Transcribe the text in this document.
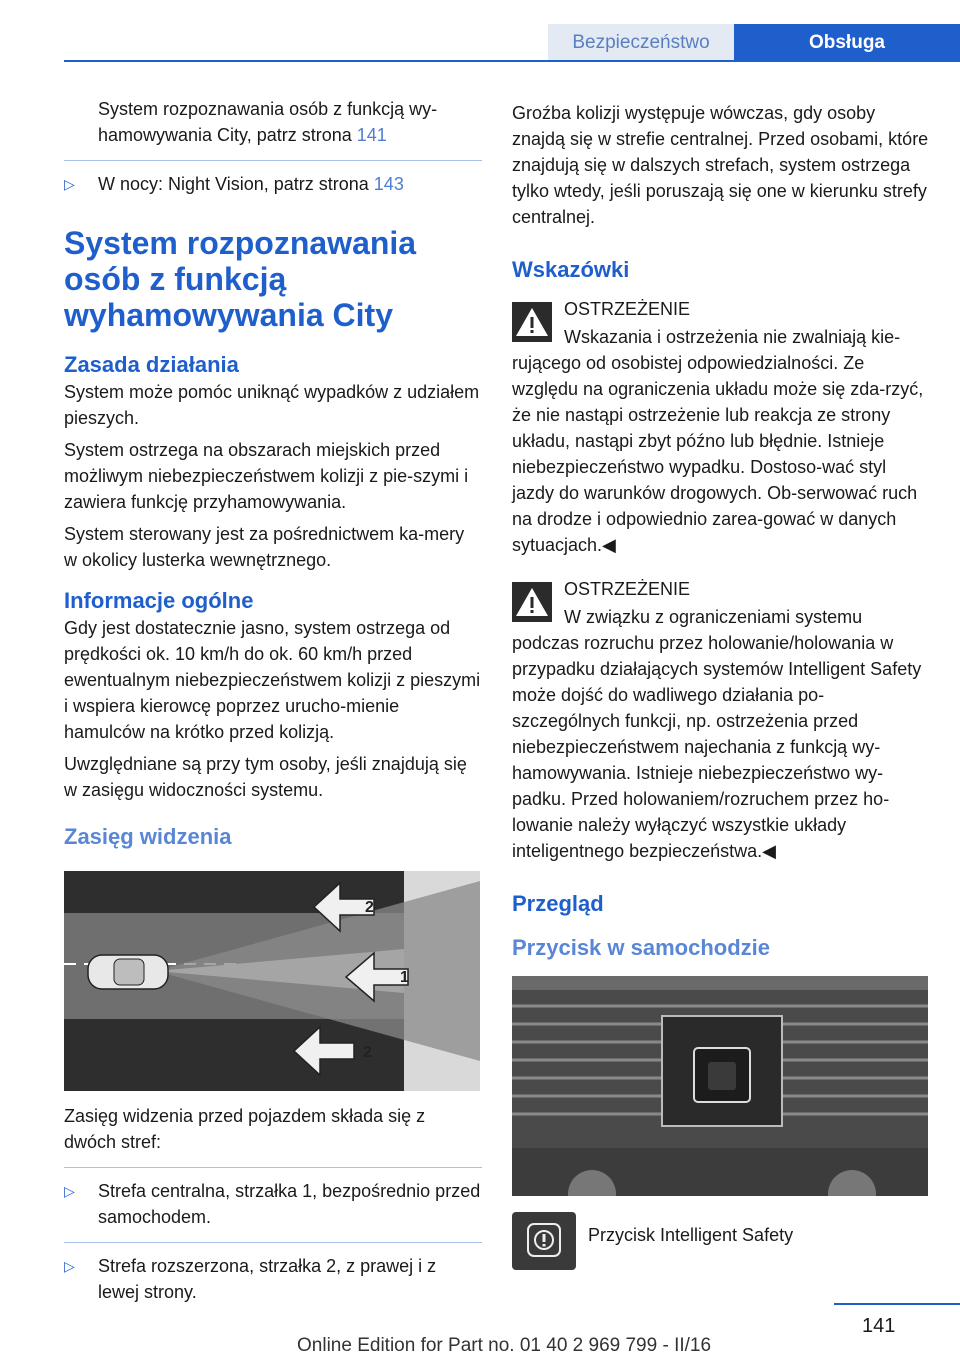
Bezpieczeństwo	Obsługa

System rozpoznawania osób z funkcją wy-hamowywania City, patrz strona 141

▷ W nocy: Night Vision, patrz strona 143
System rozpoznawania osób z funkcją wyhamowywania City
Zasada działania

System może pomóc uniknąć wypadków z udziałem pieszych.

System ostrzega na obszarach miejskich przed możliwym niebezpieczeństwem kolizji z pie-szymi i zawiera funkcję przyhamowywania.

System sterowany jest za pośrednictwem ka-mery w okolicy lusterka wewnętrznego.

Informacje ogólne

Gdy jest dostatecznie jasno, system ostrzega od prędkości ok. 10 km/h do ok. 60 km/h przed ewentualnym niebezpieczeństwem kolizji z pieszymi i wspiera kierowcę poprzez urucho-mienie hamulców na krótko przed kolizją.

Uwzględniane są przy tym osoby, jeśli znajdują się w zasięgu widoczności systemu.

Zasięg widzenia
2
1
2

Zasięg widzenia przed pojazdem składa się z dwóch stref:

▷ Strefa centralna, strzałka 1, bezpośrednio przed samochodem.
▷ Strefa rozszerzona, strzałka 2, z prawej i z lewej strony.

Groźba kolizji występuje wówczas, gdy osoby znajdą się w strefie centralnej. Przed osobami, które znajdują się w dalszych strefach, system ostrzega tylko wtedy, jeśli poruszają się one w kierunku strefy centralnej.

Wskazówki

OSTRZEŻENIE

Wskazania i ostrzeżenia nie zwalniają kie-rującego od osobistej odpowiedzialności. Ze względu na ograniczenia układu może się zda-rzyć, że nie nastąpi ostrzeżenie lub reakcja ze strony układu, nastąpi zbyt późno lub błędnie. Istnieje niebezpieczeństwo wypadku. Dostoso-wać styl jazdy do warunków drogowych. Ob-serwować ruch na drodze i odpowiednio zarea-gować w danych sytuacjach.◀

OSTRZEŻENIE

W związku z ograniczeniami systemu podczas rozruchu przez holowanie/holowania w przypadku działających systemów Intelligent Safety może dojść do wadliwego działania po-szczególnych funkcji, np. ostrzeżenia przed niebezpieczeństwem najechania z funkcją wy-hamowywania. Istnieje niebezpieczeństwo wy-padku. Przed holowaniem/rozruchem przez ho-lowanie należy wyłączyć wszystkie układy inteligentnego bezpieczeństwa.◀

Przegląd
Przycisk w samochodzie

Przycisk Intelligent Safety

141
Online Edition for Part no. 01 40 2 969 799 - II/16
